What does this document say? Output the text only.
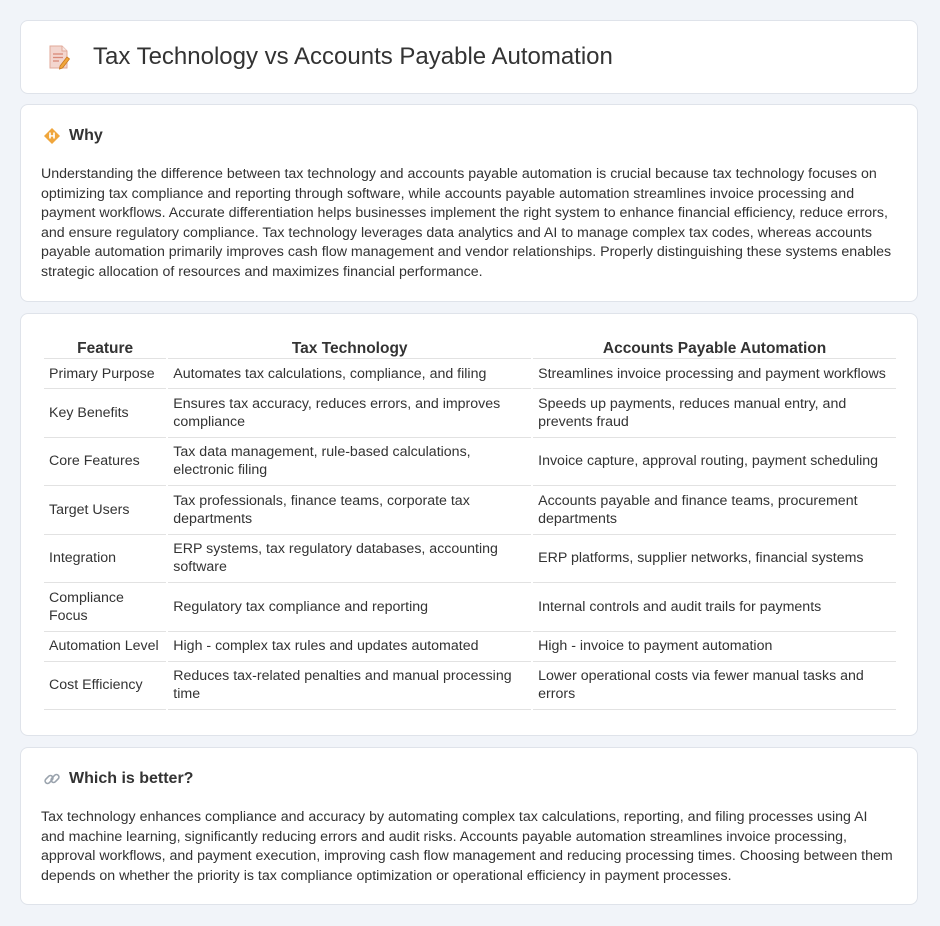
Tax Technology vs Accounts Payable Automation
Why

Understanding the difference between tax technology and accounts payable automation is crucial because tax technology focuses on optimizing tax compliance and reporting through software, while accounts payable automation streamlines invoice processing and payment workflows. Accurate differentiation helps businesses implement the right system to enhance financial efficiency, reduce errors, and ensure regulatory compliance. Tax technology leverages data analytics and AI to manage complex tax codes, whereas accounts payable automation primarily improves cash flow management and vendor relationships. Properly distinguishing these systems enables strategic allocation of resources and maximizes financial performance.

Feature	Tax Technology	Accounts Payable Automation
Primary Purpose	Automates tax calculations, compliance, and filing	Streamlines invoice processing and payment workflows
Key Benefits	Ensures tax accuracy, reduces errors, and improves compliance	Speeds up payments, reduces manual entry, and prevents fraud
Core Features	Tax data management, rule-based calculations, electronic filing	Invoice capture, approval routing, payment scheduling
Target Users	Tax professionals, finance teams, corporate tax departments	Accounts payable and finance teams, procurement departments
Integration	ERP systems, tax regulatory databases, accounting software	ERP platforms, supplier networks, financial systems
Compliance Focus	Regulatory tax compliance and reporting	Internal controls and audit trails for payments
Automation Level	High - complex tax rules and updates automated	High - invoice to payment automation
Cost Efficiency	Reduces tax-related penalties and manual processing time	Lower operational costs via fewer manual tasks and errors
Which is better?

Tax technology enhances compliance and accuracy by automating complex tax calculations, reporting, and filing processes using AI and machine learning, significantly reducing errors and audit risks. Accounts payable automation streamlines invoice processing, approval workflows, and payment execution, improving cash flow management and reducing processing times. Choosing between them depends on whether the priority is tax compliance optimization or operational efficiency in payment processes.
